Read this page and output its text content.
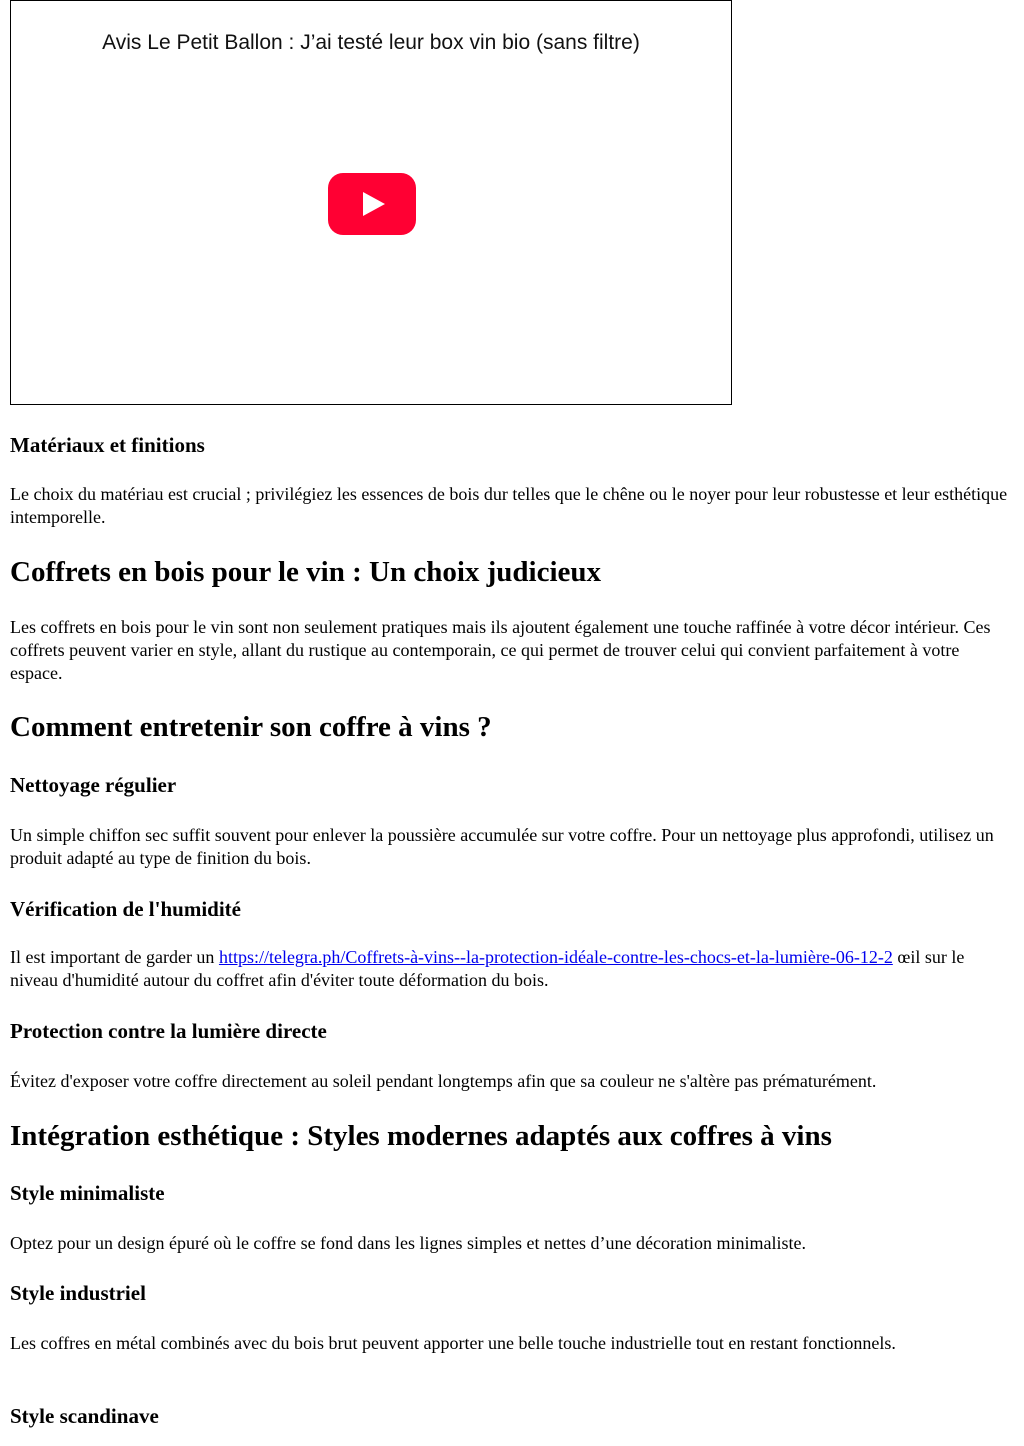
Avis Le Petit Ballon : J’ai testé leur box vin bio (sans filtre)
Matériaux et finitions

Le choix du matériau est crucial ; privilégiez les essences de bois dur telles que le chêne ou le noyer pour leur robustesse et leur esthétique intemporelle.

Coffrets en bois pour le vin : Un choix judicieux

Les coffrets en bois pour le vin sont non seulement pratiques mais ils ajoutent également une touche raffinée à votre décor intérieur. Ces coffrets peuvent varier en style, allant du rustique au contemporain, ce qui permet de trouver celui qui convient parfaitement à votre espace.

Comment entretenir son coffre à vins ?
Nettoyage régulier

Un simple chiffon sec suffit souvent pour enlever la poussière accumulée sur votre coffre. Pour un nettoyage plus approfondi, utilisez un produit adapté au type de finition du bois.

Vérification de l'humidité

Il est important de garder un https://telegra.ph/Coffrets-à-vins--la-protection-idéale-contre-les-chocs-et-la-lumière-06-12-2 œil sur le niveau d'humidité autour du coffret afin d'éviter toute déformation du bois.

Protection contre la lumière directe

Évitez d'exposer votre coffre directement au soleil pendant longtemps afin que sa couleur ne s'altère pas prématurément.

Intégration esthétique : Styles modernes adaptés aux coffres à vins
Style minimaliste

Optez pour un design épuré où le coffre se fond dans les lignes simples et nettes d’une décoration minimaliste.

Style industriel

Les coffres en métal combinés avec du bois brut peuvent apporter une belle touche industrielle tout en restant fonctionnels.

Style scandinave
